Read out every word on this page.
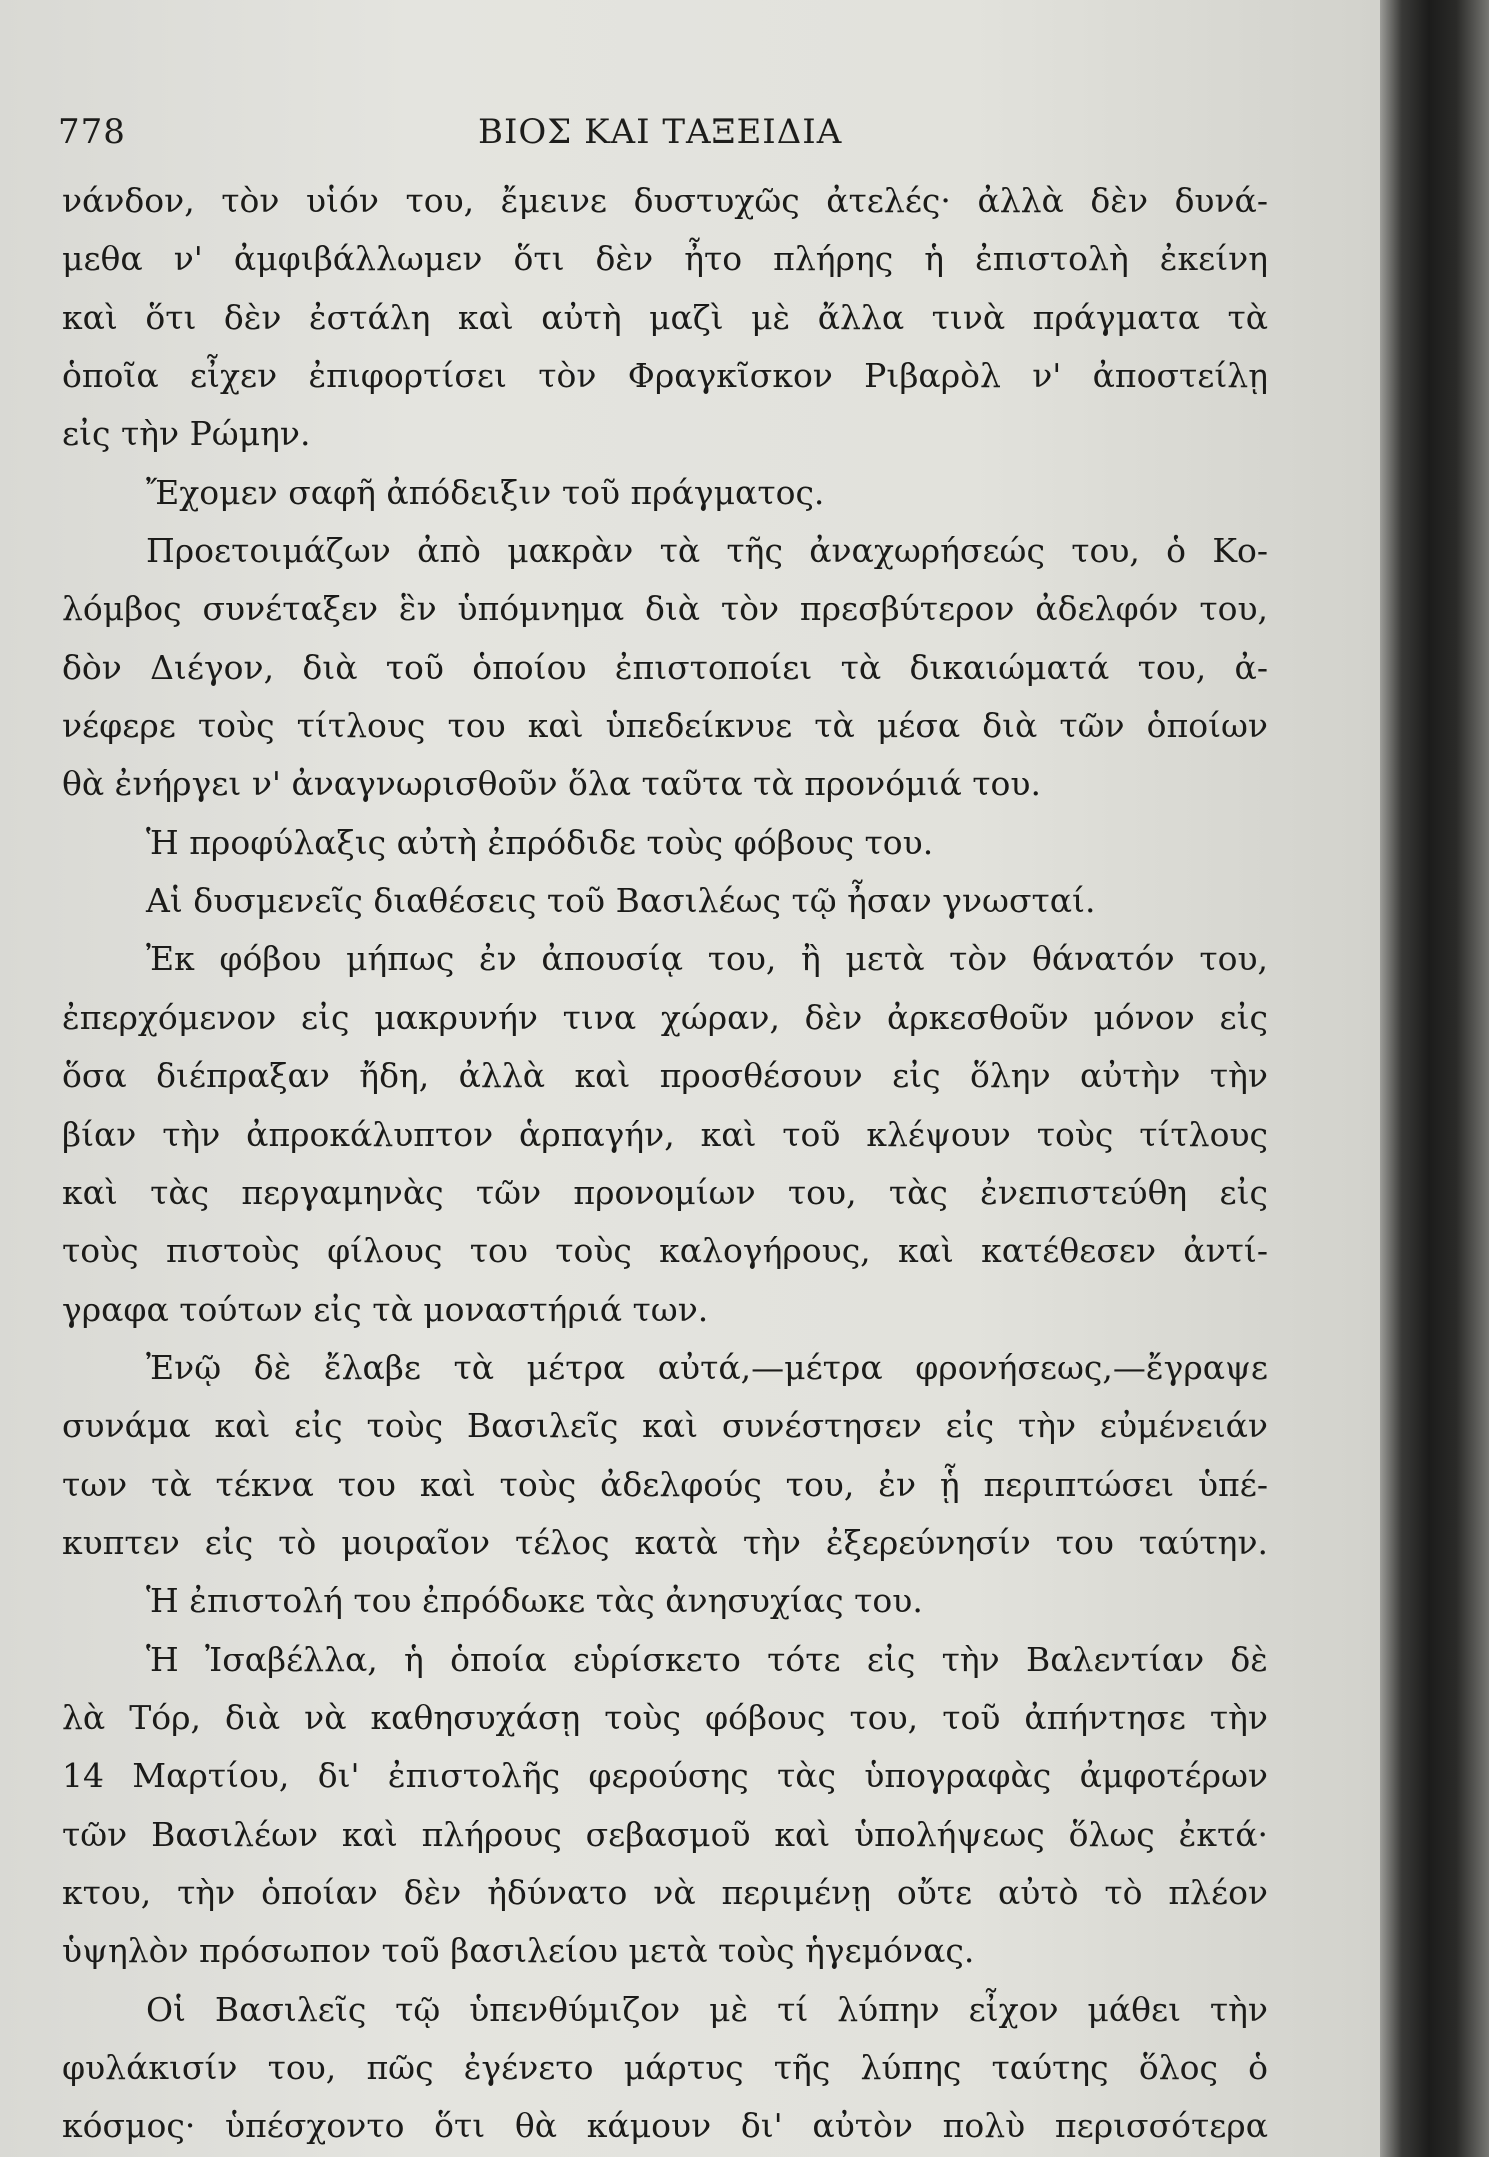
778	ΒΙΟΣ ΚΑΙ ΤΑΞΕΙΔΙΑ
νάνδον, τὸν υἱόν του, ἔμεινε δυστυχῶς ἀτελές· ἀλλὰ δὲν δυνά-
μεθα ν' ἀμφιβάλλωμεν ὅτι δὲν ἦτο πλήρης ἡ ἐπιστολὴ ἐκείνη
καὶ ὅτι δὲν ἐστάλη καὶ αὐτὴ μαζὶ μὲ ἄλλα τινὰ πράγματα τὰ
ὁποῖα εἶχεν ἐπιφορτίσει τὸν Φραγκῖσκον Ριβαρὸλ ν' ἀποστείλῃ
εἰς τὴν Ρώμην.
Ἔχομεν σαφῆ ἀπόδειξιν τοῦ πράγματος.
Προετοιμάζων ἀπὸ μακρὰν τὰ τῆς ἀναχωρήσεώς του, ὁ Κο-
λόμβος συνέταξεν ἓν ὑπόμνημα διὰ τὸν πρεσβύτερον ἀδελφόν του,
δὸν Διέγον, διὰ τοῦ ὁποίου ἐπιστοποίει τὰ δικαιώματά του, ἀ-
νέφερε τοὺς τίτλους του καὶ ὑπεδείκνυε τὰ μέσα διὰ τῶν ὁποίων
θὰ ἐνήργει ν' ἀναγνωρισθοῦν ὅλα ταῦτα τὰ προνόμιά του.
Ἡ προφύλαξις αὐτὴ ἐπρόδιδε τοὺς φόβους του.
Αἱ δυσμενεῖς διαθέσεις τοῦ Βασιλέως τῷ ἦσαν γνωσταί.
Ἐκ φόβου μήπως ἐν ἀπουσίᾳ του, ἢ μετὰ τὸν θάνατόν του,
ἐπερχόμενον εἰς μακρυνήν τινα χώραν, δὲν ἀρκεσθοῦν μόνον εἰς
ὅσα διέπραξαν ἤδη, ἀλλὰ καὶ προσθέσουν εἰς ὅλην αὐτὴν τὴν
βίαν τὴν ἀπροκάλυπτον ἁρπαγήν, καὶ τοῦ κλέψουν τοὺς τίτλους
καὶ τὰς περγαμηνὰς τῶν προνομίων του, τὰς ἐνεπιστεύθη εἰς
τοὺς πιστοὺς φίλους του τοὺς καλογήρους, καὶ κατέθεσεν ἀντί-
γραφα τούτων εἰς τὰ μοναστήριά των.
Ἐνῷ δὲ ἔλαβε τὰ μέτρα αὐτά,—μέτρα φρονήσεως,—ἔγραψε
συνάμα καὶ εἰς τοὺς Βασιλεῖς καὶ συνέστησεν εἰς τὴν εὐμένειάν
των τὰ τέκνα του καὶ τοὺς ἀδελφούς του, ἐν ᾗ περιπτώσει ὑπέ-
κυπτεν εἰς τὸ μοιραῖον τέλος κατὰ τὴν ἐξερεύνησίν του ταύτην.
Ἡ ἐπιστολή του ἐπρόδωκε τὰς ἀνησυχίας του.
Ἡ Ἰσαβέλλα, ἡ ὁποία εὑρίσκετο τότε εἰς τὴν Βαλεντίαν δὲ
λὰ Τόρ, διὰ νὰ καθησυχάσῃ τοὺς φόβους του, τοῦ ἀπήντησε τὴν
14 Μαρτίου, δι' ἐπιστολῆς φερούσης τὰς ὑπογραφὰς ἀμφοτέρων
τῶν Βασιλέων καὶ πλήρους σεβασμοῦ καὶ ὑπολήψεως ὅλως ἐκτά·
κτου, τὴν ὁποίαν δὲν ἠδύνατο νὰ περιμένῃ οὔτε αὐτὸ τὸ πλέον
ὑψηλὸν πρόσωπον τοῦ βασιλείου μετὰ τοὺς ἡγεμόνας.
Οἱ Βασιλεῖς τῷ ὑπενθύμιζον μὲ τί λύπην εἶχον μάθει τὴν
φυλάκισίν του, πῶς ἐγένετο μάρτυς τῆς λύπης ταύτης ὅλος ὁ
κόσμος· ὑπέσχοντο ὅτι θὰ κάμουν δι' αὐτὸν πολὺ περισσότερα
